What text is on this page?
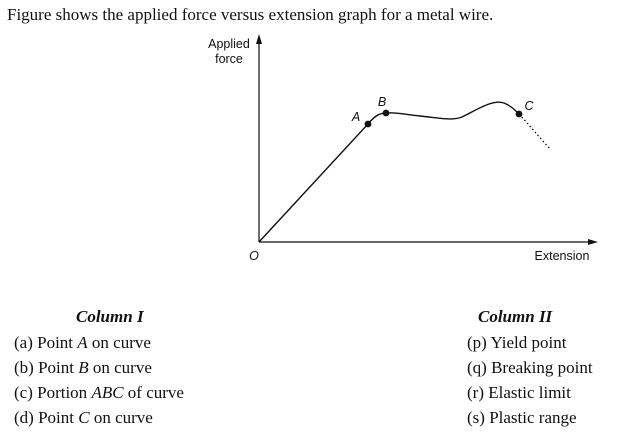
Figure shows the applied force versus extension graph for a metal wire.
Applied
force
Extension
O
A
B	C
Column I
(a) Point A on curve
(b) Point B on curve
(c) Portion ABC of curve
(d) Point C on curve
Column II
(p) Yield point
(q) Breaking point
(r) Elastic limit
(s) Plastic range
